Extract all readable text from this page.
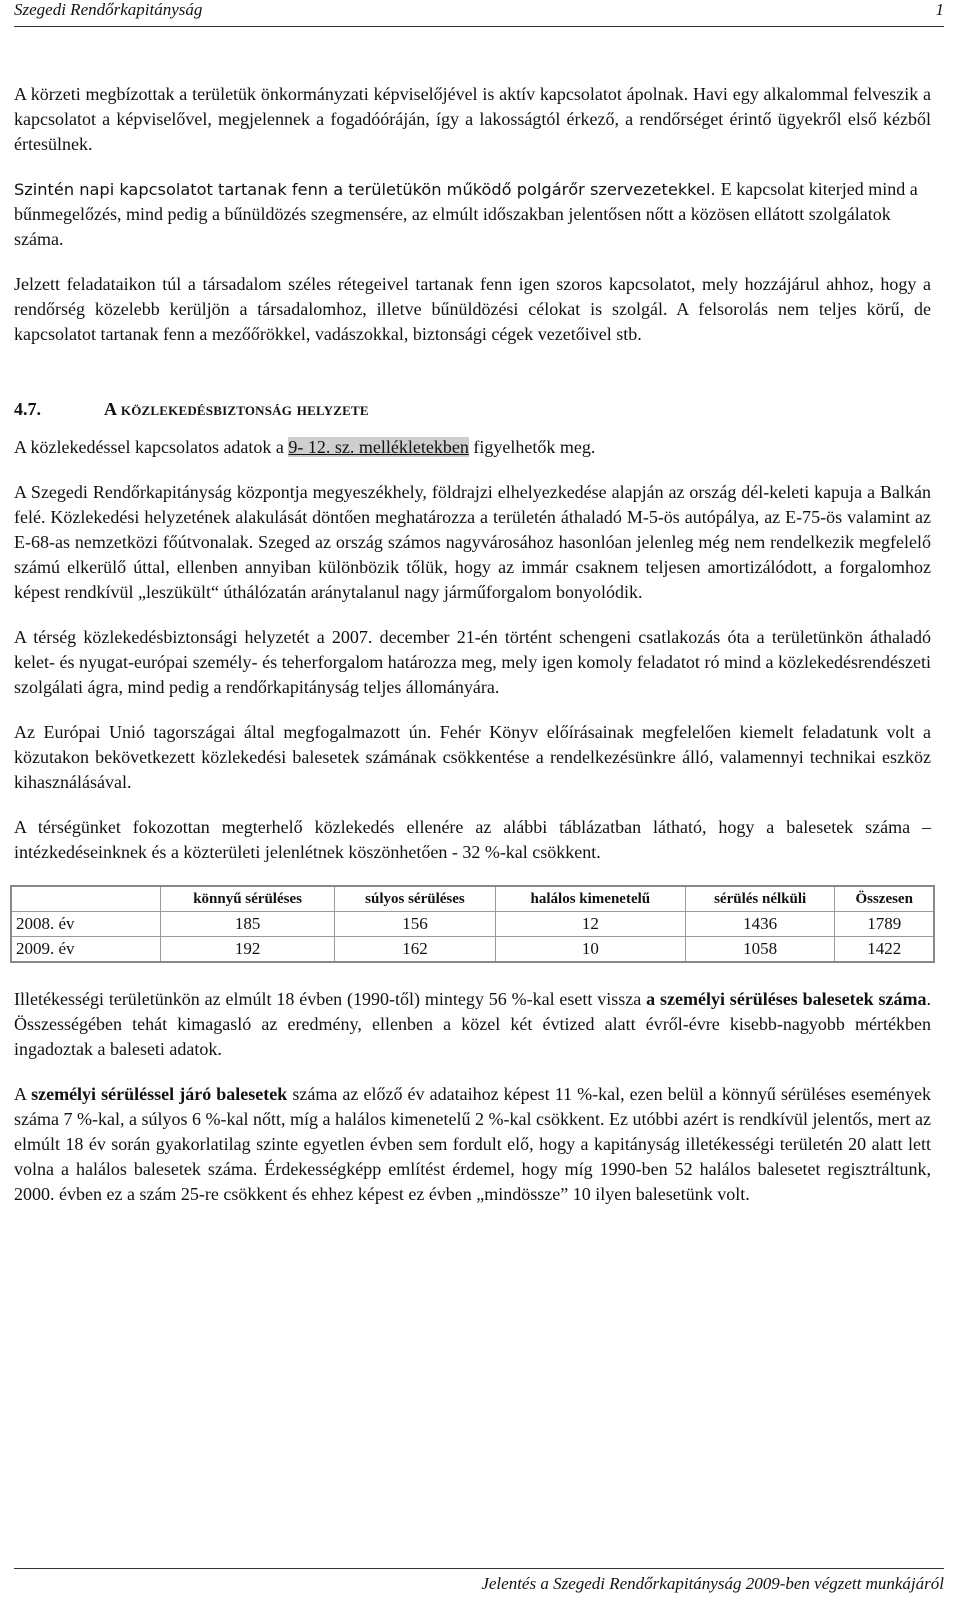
Szegedi Rendőrkapitányság	1

A körzeti megbízottak a területük önkormányzati képviselőjével is aktív kapcsolatot ápolnak. Havi egy alkalommal felveszik a kapcsolatot a képviselővel, megjelennek a fogadóóráján, így a lakosságtól érkező, a rendőrséget érintő ügyekről első kézből értesülnek.

Szintén napi kapcsolatot tartanak fenn a területükön működő polgárőr szervezetekkel. E kapcsolat kiterjed mind a bűnmegelőzés, mind pedig a bűnüldözés szegmensére, az elmúlt időszakban jelentősen nőtt a közösen ellátott szolgálatok száma.

Jelzett feladataikon túl a társadalom széles rétegeivel tartanak fenn igen szoros kapcsolatot, mely hozzájárul ahhoz, hogy a rendőrség közelebb kerüljön a társadalomhoz, illetve bűnüldözési célokat is szolgál. A felsorolás nem teljes körű, de kapcsolatot tartanak fenn a mezőőrökkel, vadászokkal, biztonsági cégek vezetőivel stb.

4.7.	A közlekedésbiztonság helyzete

A közlekedéssel kapcsolatos adatok a 9- 12. sz. mellékletekben figyelhetők meg.

A Szegedi Rendőrkapitányság központja megyeszékhely, földrajzi elhelyezkedése alapján az ország dél-keleti kapuja a Balkán felé. Közlekedési helyzetének alakulását döntően meghatározza a területén áthaladó M-5-ös autópálya, az E-75-ös valamint az E-68-as nemzetközi főútvonalak. Szeged az ország számos nagyvárosához hasonlóan jelenleg még nem rendelkezik megfelelő számú elkerülő úttal, ellenben annyiban különbözik tőlük, hogy az immár csaknem teljesen amortizálódott, a forgalomhoz képest rendkívül „leszükült“ úthálózatán aránytalanul nagy járműforgalom bonyolódik.

A térség közlekedésbiztonsági helyzetét a 2007. december 21-én történt schengeni csatlakozás óta a területünkön áthaladó kelet- és nyugat-európai személy- és teherforgalom határozza meg, mely igen komoly feladatot ró mind a közlekedésrendészeti szolgálati ágra, mind pedig a rendőrkapitányság teljes állományára.

Az Európai Unió tagországai által megfogalmazott ún. Fehér Könyv előírásainak megfelelően kiemelt feladatunk volt a közutakon bekövetkezett közlekedési balesetek számának csökkentése a rendelkezésünkre álló, valamennyi technikai eszköz kihasználásával.

A térségünket fokozottan megterhelő közlekedés ellenére az alábbi táblázatban látható, hogy a balesetek száma – intézkedéseinknek és a közterületi jelenlétnek köszönhetően - 32 %-kal csökkent.

	könnyű sérüléses	súlyos sérüléses	halálos kimenetelű	sérülés nélküli	Összesen
2008. év	185	156	12	1436	1789
2009. év	192	162	10	1058	1422

Illetékességi területünkön az elmúlt 18 évben (1990-től) mintegy 56 %-kal esett vissza a személyi sérüléses balesetek száma. Összességében tehát kimagasló az eredmény, ellenben a közel két évtized alatt évről-évre kisebb-nagyobb mértékben ingadoztak a baleseti adatok.

A személyi sérüléssel járó balesetek száma az előző év adataihoz képest 11 %-kal, ezen belül a könnyű sérüléses események száma 7 %-kal, a súlyos 6 %-kal nőtt, míg a halálos kimenetelű 2 %-kal csökkent. Ez utóbbi azért is rendkívül jelentős, mert az elmúlt 18 év során gyakorlatilag szinte egyetlen évben sem fordult elő, hogy a kapitányság illetékességi területén 20 alatt lett volna a halálos balesetek száma. Érdekességképp említést érdemel, hogy míg 1990-ben 52 halálos balesetet regisztráltunk, 2000. évben ez a szám 25-re csökkent és ehhez képest ez évben „mindössze” 10 ilyen balesetünk volt.

Jelentés a Szegedi Rendőrkapitányság 2009-ben végzett munkájáról
